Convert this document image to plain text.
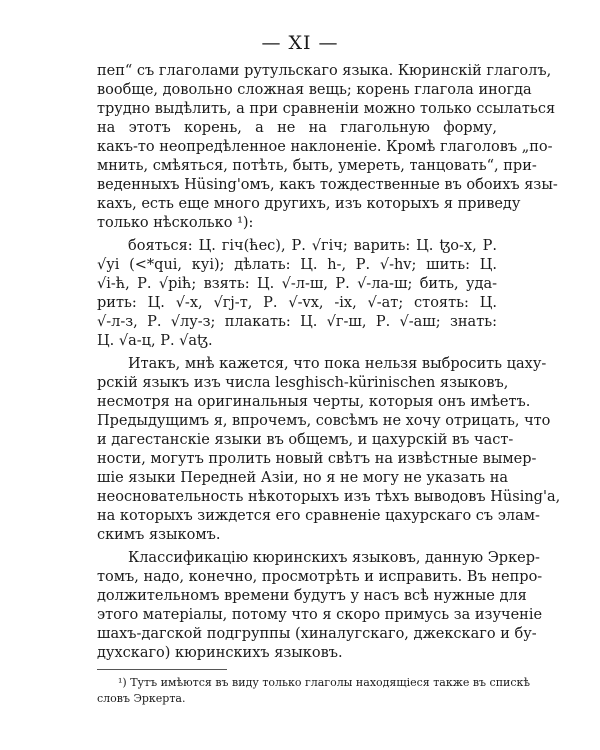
— XI —
пеп“ съ глаголами рутульскаго языка. Кюринскій глаголъ,
вообще, довольно сложная вещь; корень глагола иногда
трудно выдѣлить, а при сравненіи можно только ссылаться
на этотъ корень, а не на глагольную форму,
какъ-то неопредѣленное наклоненіе. Кромѣ глаголовъ „по-
мнить, смѣяться, потѣть, быть, умереть, танцовать“, при-
веденныхъ Hüsing'омъ, какъ тождественные въ обоихъ язы-
кахъ, есть еще много другихъ, изъ которыхъ я приведу
только нѣсколько ¹):
бояться: Ц. гіч(ћес), Р. √гіч; варить: Ц. ꜩо-х, Р.
√уі (<*quі, куі); дѣлать: Ц. h-, Р. √-hv; шить: Ц.
√і-ћ, Р. √ріћ; взять: Ц. √-л-ш, Р. √-ла-ш; бить, уда-
рить: Ц. √-х, √гј-т, Р. √-vх, -іх, √-ат; стоять: Ц.
√-л-з, Р. √лу-з; плакать: Ц. √г-ш, Р. √-аш; знать:
Ц. √а-ц, Р. √аꜩ.
Итакъ, мнѣ кажется, что пока нельзя выбросить цаху-
рскій языкъ изъ числа lesghisch-kürinischen языковъ,
несмотря на оригинальныя черты, которыя онъ имѣетъ.
Предыдущимъ я, впрочемъ, совсѣмъ не хочу отрицать, что
и дагестанскіе языки въ общемъ, и цахурскій въ част-
ности, могутъ пролить новый свѣтъ на извѣстные вымер-
шіе языки Передней Азіи, но я не могу не указать на
неосновательность нѣкоторыхъ изъ тѣхъ выводовъ Hüsing'a,
на которыхъ зиждется его сравненіе цахурскаго съ элам-
скимъ языкомъ.
Классификацію кюринскихъ языковъ, данную Эркер-
томъ, надо, конечно, просмотрѣть и исправить. Въ непро-
должительномъ времени будутъ у насъ всѣ нужные для
этого матеріалы, потому что я скоро примусь за изученіе
шахъ-дагской подгруппы (хиналугскаго, джекскаго и бу-
духскаго) кюринскихъ языковъ.
¹) Тутъ имѣются въ виду только глаголы находящіеся также въ спискѣ
словъ Эркерта.
